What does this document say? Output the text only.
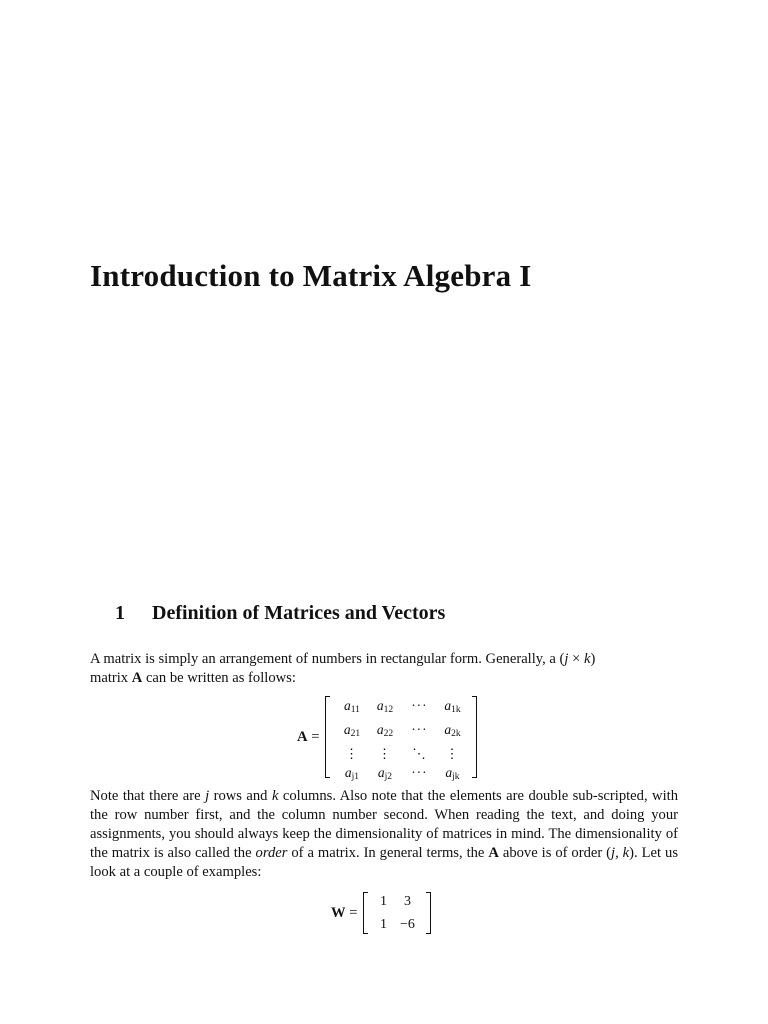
Introduction to Matrix Algebra I
1 Definition of Matrices and Vectors
A matrix is simply an arrangement of numbers in rectangular form. Generally, a (j × k)
matrix A can be written as follows:
A =
$a_{11}$	$a_{12}$	···	$a_{1k}$
$a_{21}$	$a_{22}$	···	$a_{2k}$
⋮	⋮	⋱	⋮
$a_{j1}$	$a_{j2}$	···	$a_{jk}$
Note that there are j rows and k columns. Also note that the elements are double sub-scripted, with the row number first, and the column number second. When reading the text, and doing your assignments, you should always keep the dimensionality of matrices in mind. The dimensionality of the matrix is also called the order of a matrix. In general terms, the A above is of order (j, k). Let us look at a couple of examples:
W =
1	3
1 −6
